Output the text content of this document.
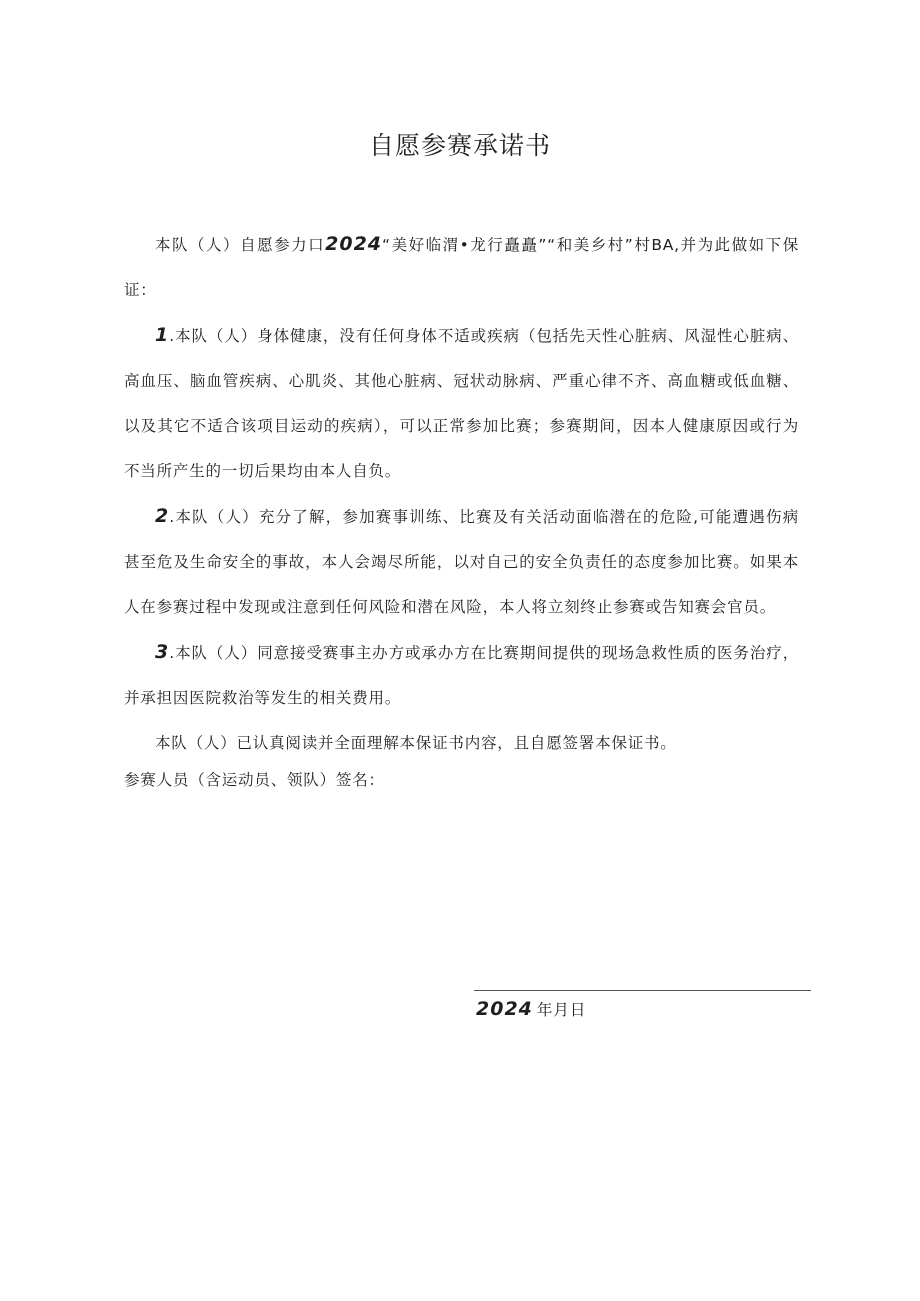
自愿参赛承诺书

本队（人）自愿参力口2024“美好临渭•龙行矗矗”“和美乡村”村BA,并为此做如下保证：

1.本队（人）身体健康，没有任何身体不适或疾病（包括先天性心脏病、风湿性心脏病、高血压、脑血管疾病、心肌炎、其他心脏病、冠状动脉病、严重心律不齐、高血糖或低血糖、以及其它不适合该项目运动的疾病），可以正常参加比赛；参赛期间，因本人健康原因或行为不当所产生的一切后果均由本人自负。

2.本队（人）充分了解，参加赛事训练、比赛及有关活动面临潜在的危险,可能遭遇伤病甚至危及生命安全的事故，本人会竭尽所能，以对自己的安全负责任的态度参加比赛。如果本人在参赛过程中发现或注意到任何风险和潜在风险，本人将立刻终止参赛或告知赛会官员。

3.本队（人）同意接受赛事主办方或承办方在比赛期间提供的现场急救性质的医务治疗，并承担因医院救治等发生的相关费用。

本队（人）已认真阅读并全面理解本保证书内容，且自愿签署本保证书。

参赛人员（含运动员、领队）签名：

2024 年月日
